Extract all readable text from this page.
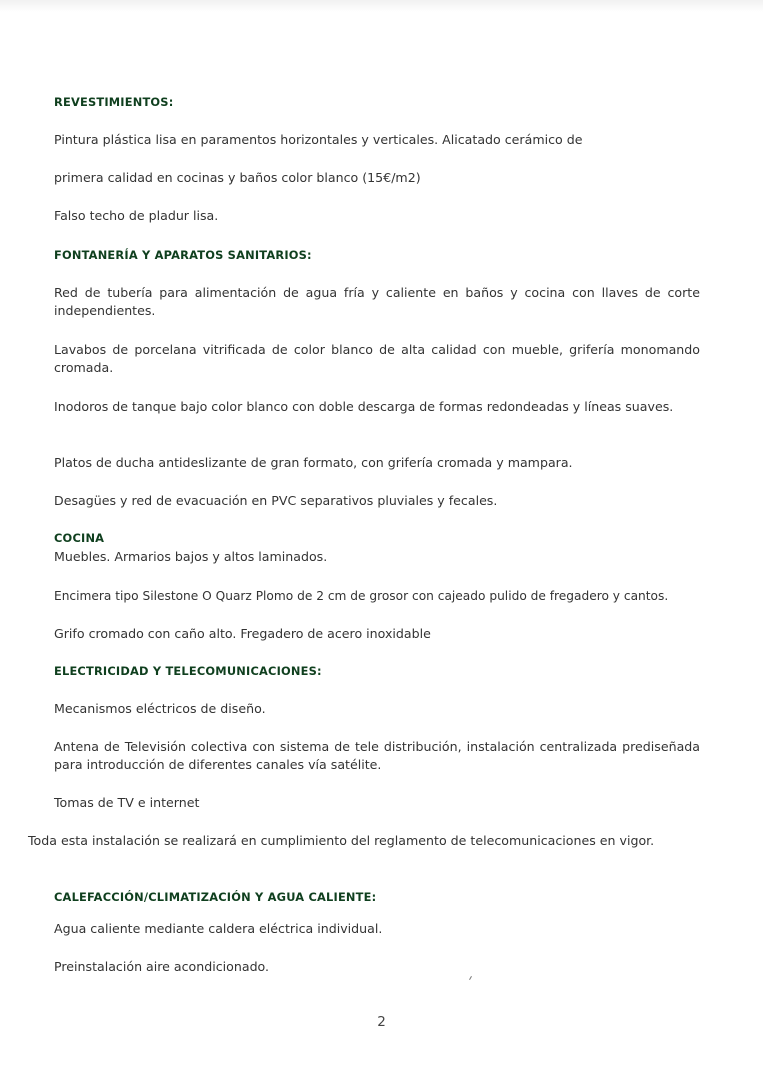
REVESTIMIENTOS:

Pintura plástica lisa en paramentos horizontales y verticales. Alicatado cerámico de

primera calidad en cocinas y baños color blanco (15€/m2)

Falso techo de pladur lisa.

FONTANERÍA Y APARATOS SANITARIOS:

Red de tubería para alimentación de agua fría y caliente en baños y cocina con llaves de corte independientes.

Lavabos de porcelana vitrificada de color blanco de alta calidad con mueble, grifería monomando cromada.

Inodoros de tanque bajo color blanco con doble descarga de formas redondeadas y líneas suaves.

Platos de ducha antideslizante de gran formato, con grifería cromada y mampara.

Desagües y red de evacuación en PVC separativos pluviales y fecales.

COCINA

Muebles. Armarios bajos y altos laminados.

Encimera tipo Silestone O Quarz Plomo de 2 cm de grosor con cajeado pulido de fregadero y cantos.

Grifo cromado con caño alto. Fregadero de acero inoxidable

ELECTRICIDAD Y TELECOMUNICACIONES:

Mecanismos eléctricos de diseño.

Antena de Televisión colectiva con sistema de tele distribución, instalación centralizada prediseñada para introducción de diferentes canales vía satélite.

Tomas de TV e internet

Toda esta instalación se realizará en cumplimiento del reglamento de telecomunicaciones en vigor.

CALEFACCIÓN/CLIMATIZACIÓN Y AGUA CALIENTE:

Agua caliente mediante caldera eléctrica individual.

Preinstalación aire acondicionado.

2
